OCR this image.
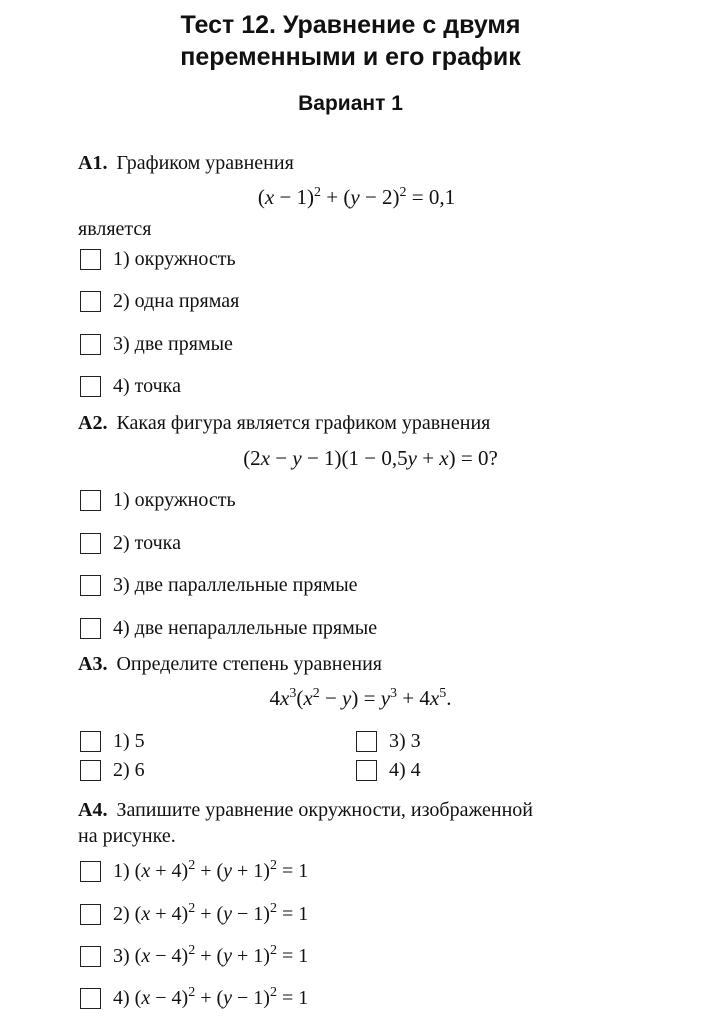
Тест 12. Уравнение с двумя
переменными и его график
Вариант 1
A1. Графиком уравнения
$(x - 1)^2 + (y - 2)^2 = 0,1$
является
1) окружность
2) одна прямая
3) две прямые
4) точка
A2. Какая фигура является графиком уравнения
(2x − y − 1)(1 − 0,5y + x) = 0?
1) окружность
2) точка
3) две параллельные прямые
4) две непараллельные прямые
A3. Определите степень уравнения
$4x^3(x^2 - y) = y^3 + 4x^5$.
1) 5
2) 6
3) 3
4) 4
A4. Запишите уравнение окружности, изображенной
на рисунке.
1) $(x + 4)^2 + (y + 1)^2 = 1$
2) $(x + 4)^2 + (y - 1)^2 = 1$
3) $(x - 4)^2 + (y + 1)^2 = 1$
4) $(x - 4)^2 + (y - 1)^2 = 1$
